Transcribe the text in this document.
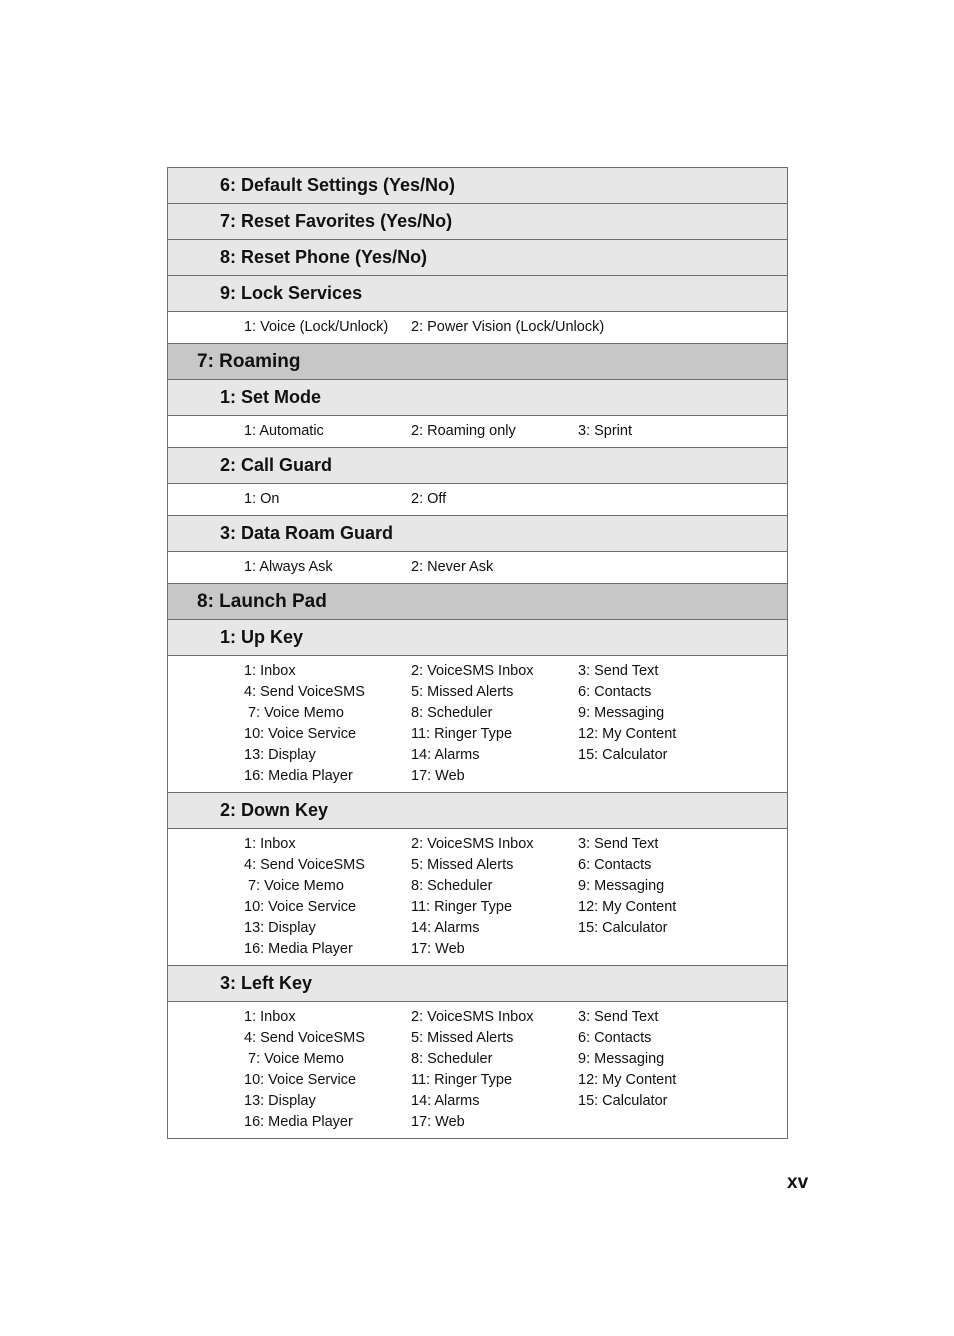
6: Default Settings (Yes/No)
7: Reset Favorites (Yes/No)
8: Reset Phone (Yes/No)
9: Lock Services
1: Voice (Lock/Unlock) 2: Power Vision (Lock/Unlock)
7: Roaming
1: Set Mode
1: Automatic	2: Roaming only	3: Sprint
2: Call Guard
1: On	2: Off
3: Data Roam Guard
1: Always Ask	2: Never Ask
8: Launch Pad
1: Up Key
1: Inbox	2: VoiceSMS Inbox	3: Send Text
4: Send VoiceSMS	5: Missed Alerts	6: Contacts
7: Voice Memo	8: Scheduler	9: Messaging
10: Voice Service	11: Ringer Type	12: My Content
13: Display	14: Alarms	15: Calculator
16: Media Player	17: Web
2: Down Key
1: Inbox	2: VoiceSMS Inbox	3: Send Text
4: Send VoiceSMS	5: Missed Alerts	6: Contacts
7: Voice Memo	8: Scheduler	9: Messaging
10: Voice Service	11: Ringer Type	12: My Content
13: Display	14: Alarms	15: Calculator
16: Media Player	17: Web
3: Left Key
1: Inbox	2: VoiceSMS Inbox	3: Send Text
4: Send VoiceSMS	5: Missed Alerts	6: Contacts
7: Voice Memo	8: Scheduler	9: Messaging
10: Voice Service	11: Ringer Type	12: My Content
13: Display	14: Alarms	15: Calculator
16: Media Player	17: Web
xv
